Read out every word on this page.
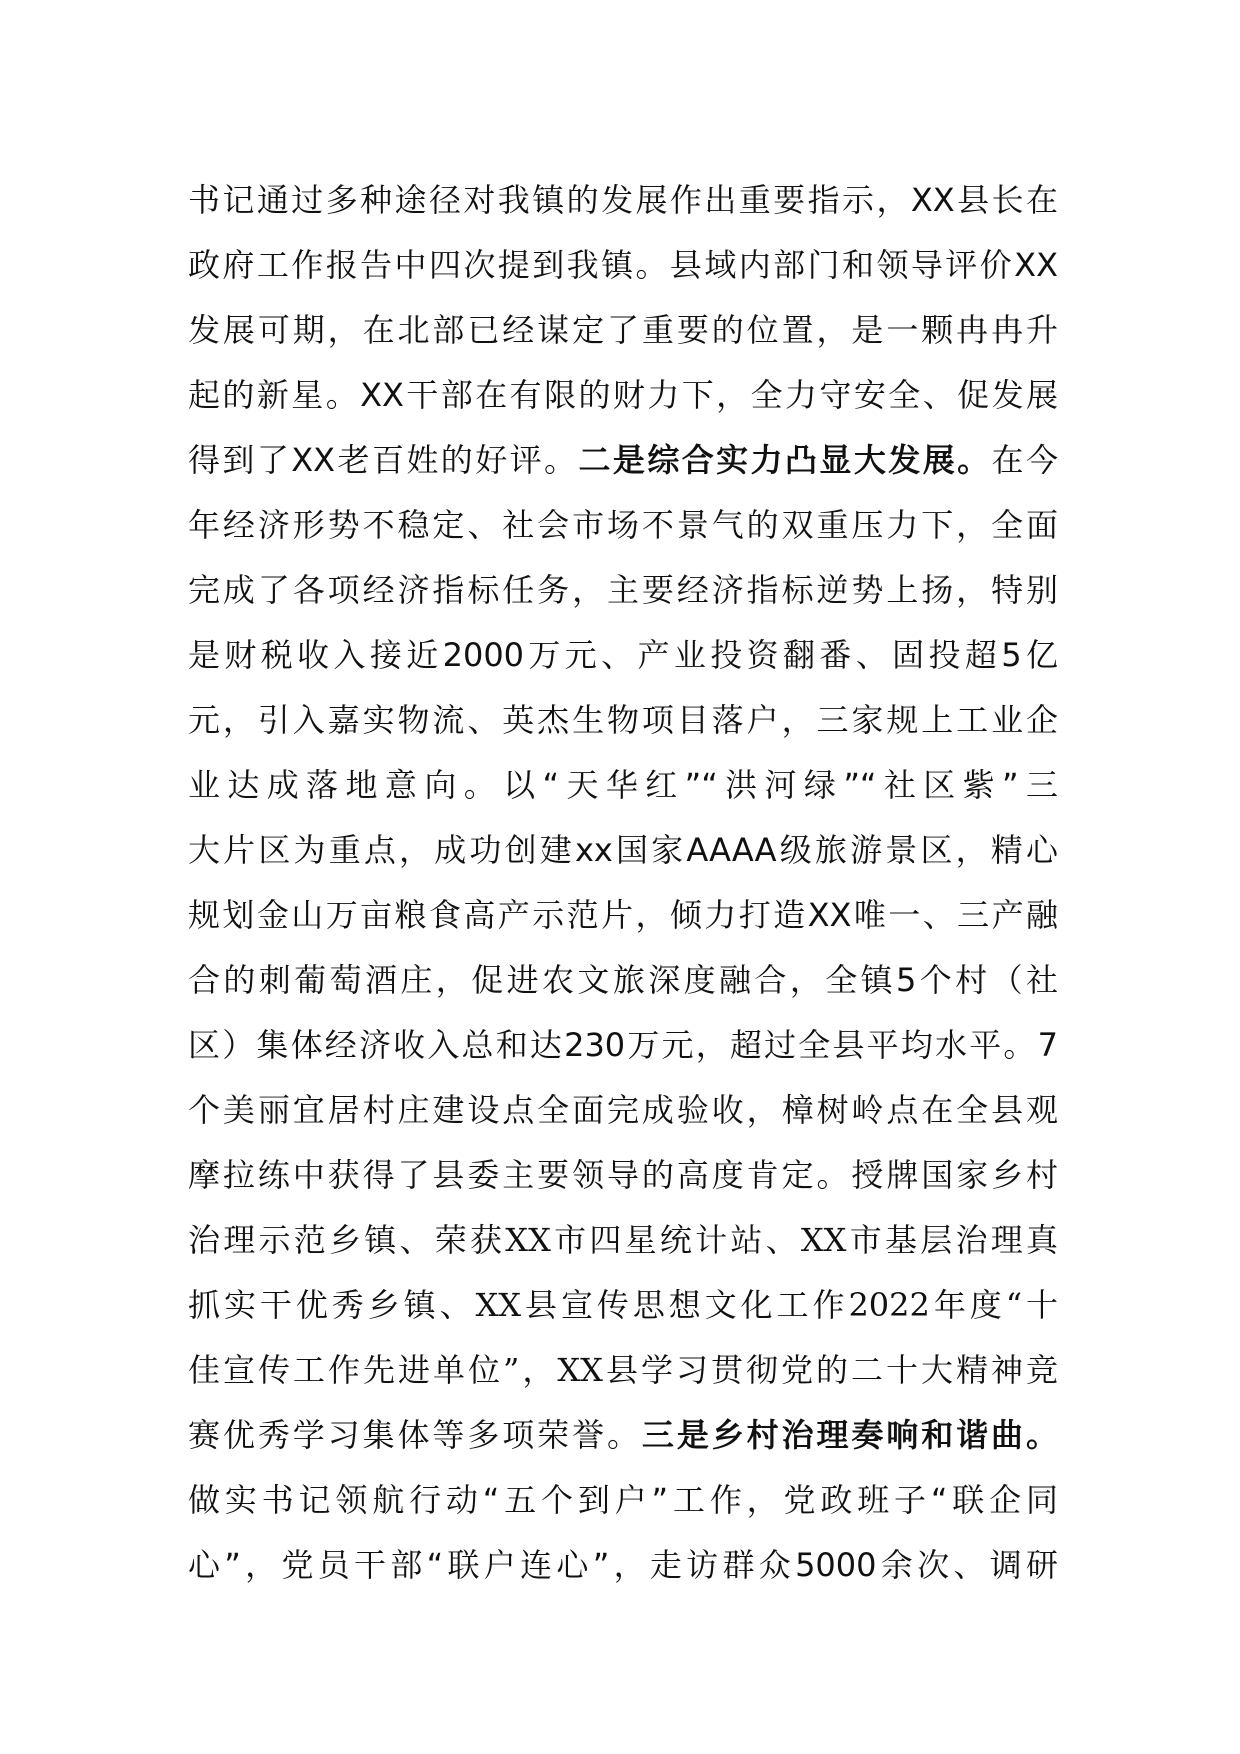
书记通过多种途径对我镇的发展作出重要指示，XX县长在
政府工作报告中四次提到我镇。县域内部门和领导评价XX
发展可期，在北部已经谋定了重要的位置，是一颗冉冉升
起的新星。XX干部在有限的财力下，全力守安全、促发展
得到了XX老百姓的好评。二是综合实力凸显大发展。在今
年经济形势不稳定、社会市场不景气的双重压力下，全面
完成了各项经济指标任务，主要经济指标逆势上扬，特别
是财税收入接近2000万元、产业投资翻番、固投超5亿
元，引入嘉实物流、英杰生物项目落户，三家规上工业企
业达成落地意向。以“天华红”“洪河绿”“社区紫”三
大片区为重点，成功创建xx国家AAAA级旅游景区，精心
规划金山万亩粮食高产示范片，倾力打造XX唯一、三产融
合的刺葡萄酒庄，促进农文旅深度融合，全镇5个村（社
区）集体经济收入总和达230万元，超过全县平均水平。7
个美丽宜居村庄建设点全面完成验收，樟树岭点在全县观
摩拉练中获得了县委主要领导的高度肯定。授牌国家乡村
治理示范乡镇、荣获XX市四星统计站、XX市基层治理真
抓实干优秀乡镇、XX县宣传思想文化工作2022年度“十
佳宣传工作先进单位”，XX县学习贯彻党的二十大精神竞
赛优秀学习集体等多项荣誉。三是乡村治理奏响和谐曲。
做实书记领航行动“五个到户”工作，党政班子“联企同
心”，党员干部“联户连心”，走访群众5000余次、调研
